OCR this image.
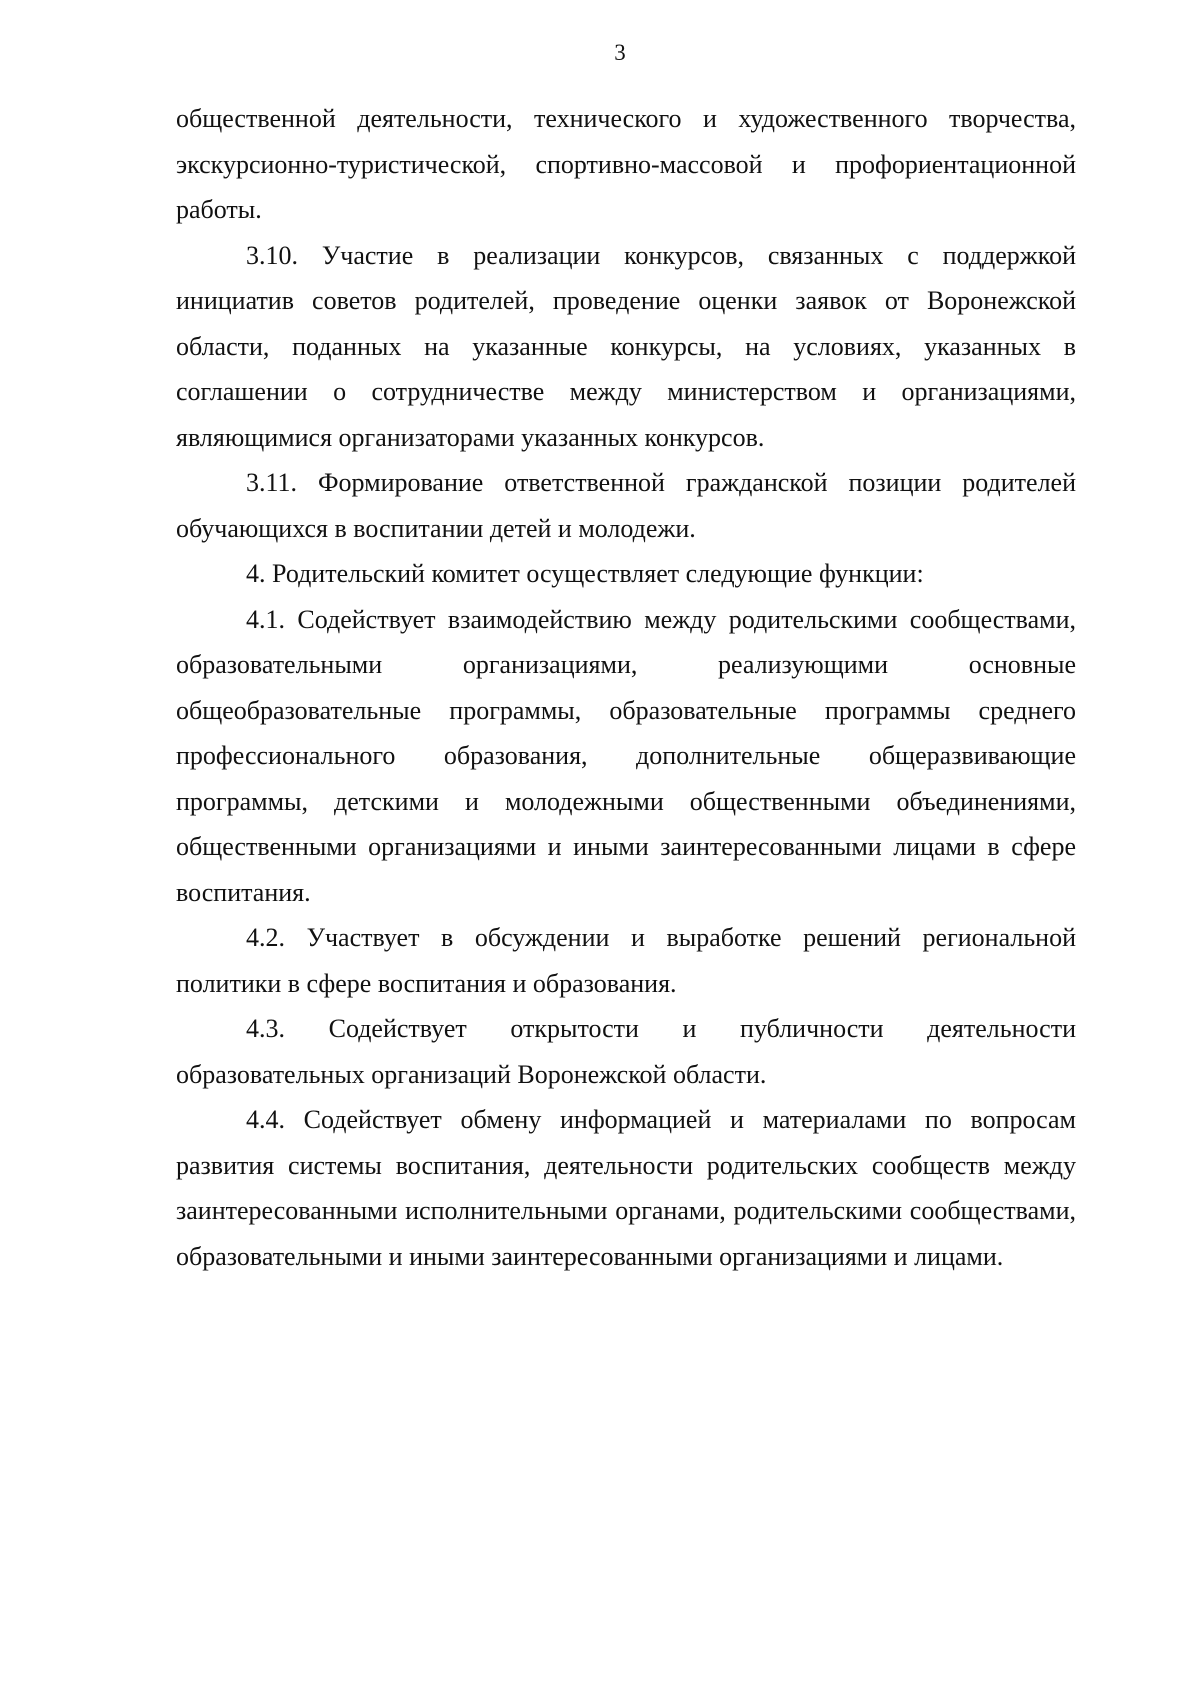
3

общественной деятельности, технического и художественного творчества, экскурсионно-туристической, спортивно-массовой и профориентационной работы.

3.10. Участие в реализации конкурсов, связанных с поддержкой инициатив советов родителей, проведение оценки заявок от Воронежской области, поданных на указанные конкурсы, на условиях, указанных в соглашении о сотрудничестве между министерством и организациями, являющимися организаторами указанных конкурсов.

3.11. Формирование ответственной гражданской позиции родителей обучающихся в воспитании детей и молодежи.

4. Родительский комитет осуществляет следующие функции:

4.1. Содействует взаимодействию между родительскими сообществами, образовательными организациями, реализующими основные общеобразовательные программы, образовательные программы среднего профессионального образования, дополнительные общеразвивающие программы, детскими и молодежными общественными объединениями, общественными организациями и иными заинтересованными лицами в сфере воспитания.

4.2. Участвует в обсуждении и выработке решений региональной политики в сфере воспитания и образования.

4.3. Содействует открытости и публичности деятельности образовательных организаций Воронежской области.

4.4. Содействует обмену информацией и материалами по вопросам развития системы воспитания, деятельности родительских сообществ между заинтересованными исполнительными органами, родительскими сообществами, образовательными и иными заинтересованными организациями и лицами.
